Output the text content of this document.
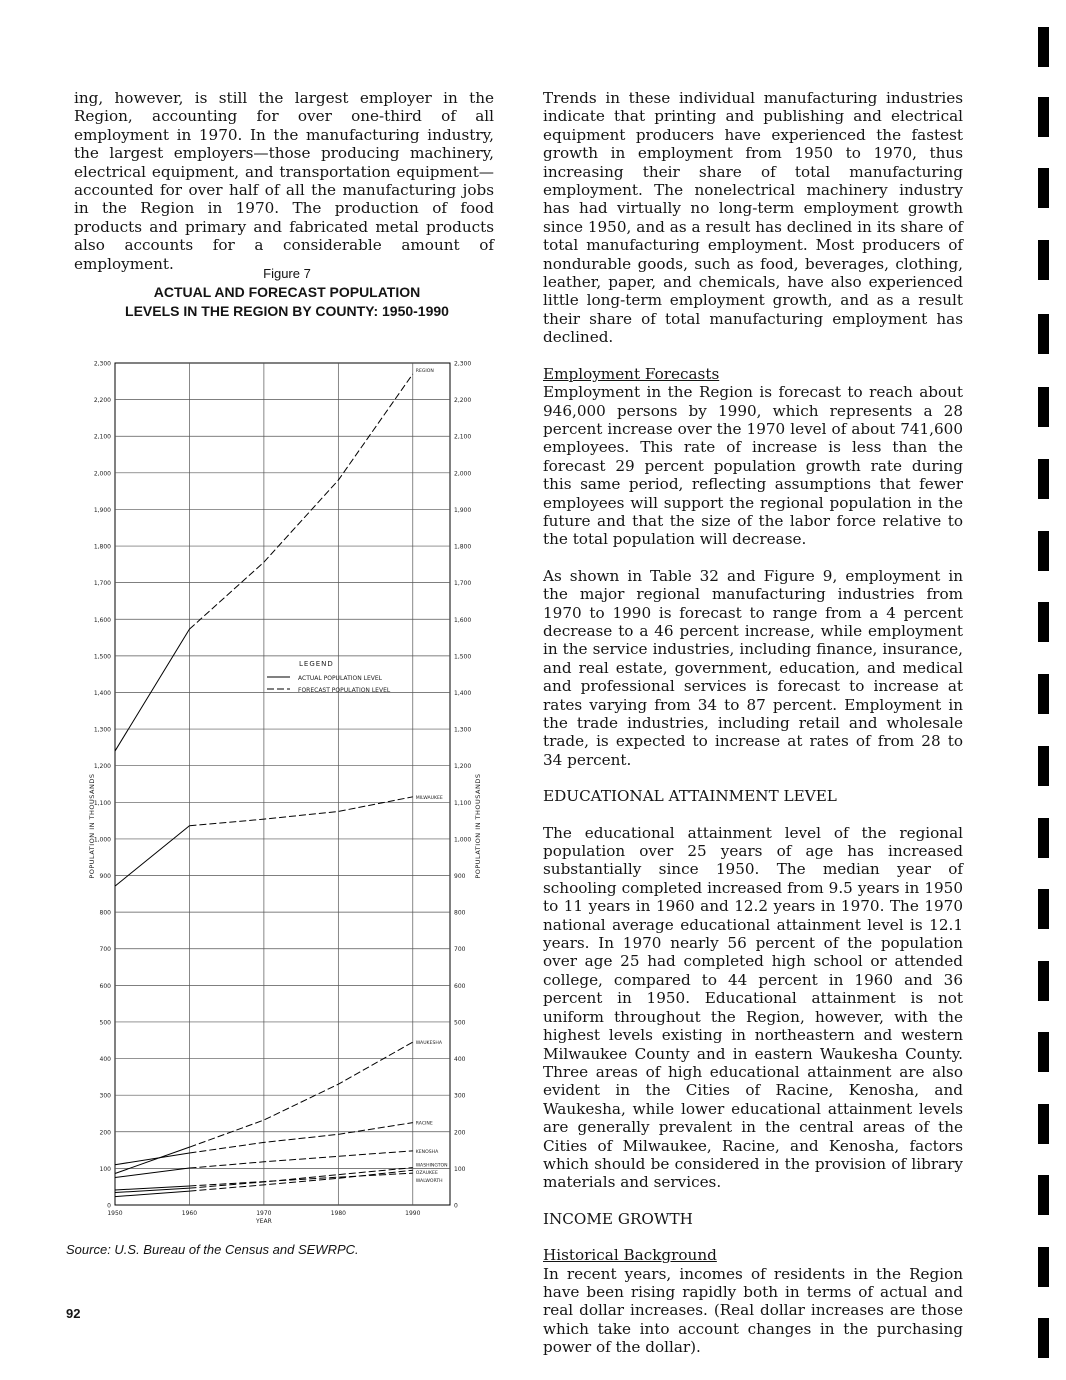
ing, however, is still the largest employer in the Region, accounting for over one-third of all employment in 1970. In the manufacturing industry, the largest employers—those producing machinery, electrical equipment, and transportation equipment—accounted for over half of all the manufacturing jobs in the Region in 1970. The production of food products and primary and fabricated metal products also accounts for a considerable amount of employment.

Figure 7
ACTUAL AND FORECAST POPULATION
LEVELS IN THE REGION BY COUNTY: 1950-1990
0
100
200
300
400
500
600
700
800
900
1,000
1,100
1,200
1,300
1,400
1,500
1,600
1,700
1,800
1,900
2,000
2,100
2,200
2,300
0
100
200
300
400
500
600
700
800
900
1,000
1,100
1,200
1,300
1,400
1,500
1,600
1,700
1,800
1,900
2,000
2,100
2,200
2,300
1950	1960	1970	1980	1990
REGION
MILWAUKEE
WAUKESHA
RACINE
KENOSHA
WASHINGTON
OZAUKEE
WALWORTH
LEGEND
ACTUAL POPULATION LEVEL
FORECAST POPULATION LEVEL
POPULATION IN THOUSANDS	POPULATION IN THOUSANDS
YEAR
Source: U.S. Bureau of the Census and SEWRPC.
92

Trends in these individual manufacturing industries indicate that printing and publishing and electrical equipment producers have experienced the fastest growth in employment from 1950 to 1970, thus increasing their share of total manufacturing employment. The nonelectrical machinery industry has had virtually no long-term employment growth since 1950, and as a result has declined in its share of total manufacturing employment. Most producers of nondurable goods, such as food, beverages, clothing, leather, paper, and chemicals, have also experienced little long-term employment growth, and as a result their share of total manufacturing employment has declined.

Employment Forecasts

Employment in the Region is forecast to reach about 946,000 persons by 1990, which represents a 28 percent increase over the 1970 level of about 741,600 employees. This rate of increase is less than the forecast 29 percent population growth rate during this same period, reflecting assumptions that fewer employees will support the regional population in the future and that the size of the labor force relative to the total population will decrease.

As shown in Table 32 and Figure 9, employment in the major regional manufacturing industries from 1970 to 1990 is forecast to range from a 4 percent decrease to a 46 percent increase, while employment in the service industries, including finance, insurance, and real estate, government, education, and medical and professional services is forecast to increase at rates varying from 34 to 87 percent. Employment in the trade industries, including retail and wholesale trade, is expected to increase at rates of from 28 to 34 percent.

EDUCATIONAL ATTAINMENT LEVEL

The educational attainment level of the regional population over 25 years of age has increased substantially since 1950. The median year of schooling completed increased from 9.5 years in 1950 to 11 years in 1960 and 12.2 years in 1970. The 1970 national average educational attainment level is 12.1 years. In 1970 nearly 56 percent of the population over age 25 had completed high school or attended college, compared to 44 percent in 1960 and 36 percent in 1950. Educational attainment is not uniform throughout the Region, however, with the highest levels existing in northeastern and western Milwaukee County and in eastern Waukesha County. Three areas of high educational attainment are also evident in the Cities of Racine, Kenosha, and Waukesha, while lower educational attainment levels are generally prevalent in the central areas of the Cities of Milwaukee, Racine, and Kenosha, factors which should be considered in the provision of library materials and services.

INCOME GROWTH

Historical Background

In recent years, incomes of residents in the Region have been rising rapidly both in terms of actual and real dollar increases. (Real dollar increases are those which take into account changes in the purchasing power of the dollar).
